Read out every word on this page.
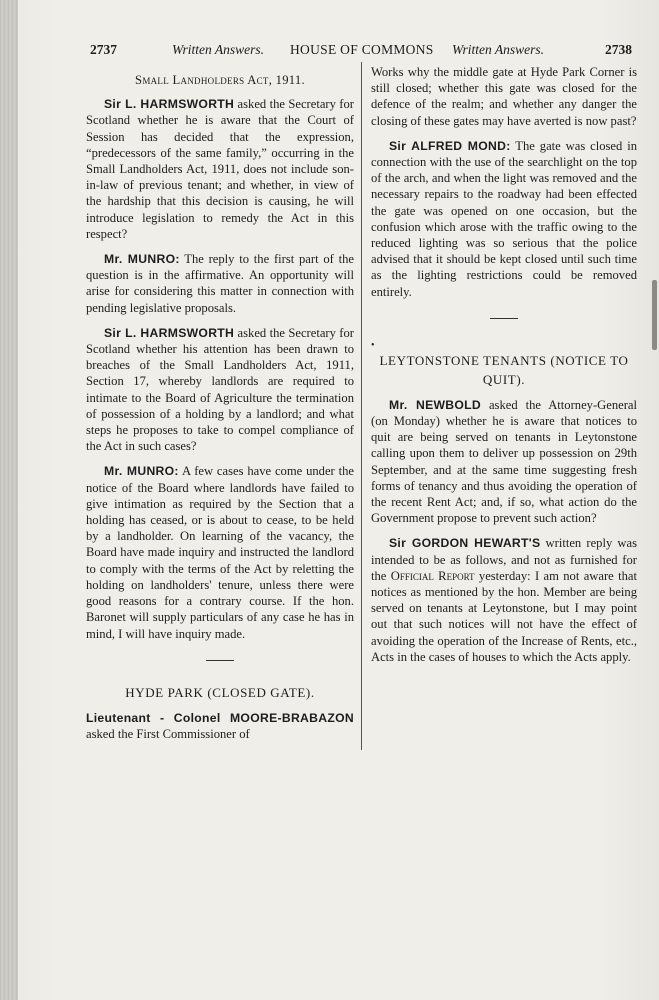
2737	Written Answers. HOUSE OF COMMONS Written Answers.	2738

Small Landholders Act, 1911.

Sir L. HARMSWORTH asked the Secretary for Scotland whether he is aware that the Court of Session has decided that the expression, “predecessors of the same family,” occurring in the Small Landholders Act, 1911, does not include son-in-law of previous tenant; and whether, in view of the hardship that this decision is causing, he will introduce legislation to remedy the Act in this respect?

Mr. MUNRO: The reply to the first part of the question is in the affirmative. An opportunity will arise for considering this matter in connection with pending legislative proposals.

Sir L. HARMSWORTH asked the Secretary for Scotland whether his attention has been drawn to breaches of the Small Landholders Act, 1911, Section 17, whereby landlords are required to intimate to the Board of Agriculture the termination of possession of a holding by a landlord; and what steps he proposes to take to compel compliance of the Act in such cases?

Mr. MUNRO: A few cases have come under the notice of the Board where landlords have failed to give intimation as required by the Section that a holding has ceased, or is about to cease, to be held by a landholder. On learning of the vacancy, the Board have made inquiry and instructed the landlord to comply with the terms of the Act by reletting the holding on landholders' tenure, unless there were good reasons for a contrary course. If the hon. Baronet will supply particulars of any case he has in mind, I will have inquiry made.

HYDE PARK (CLOSED GATE).

Lieutenant - Colonel MOORE-BRABAZON asked the First Commissioner of

Works why the middle gate at Hyde Park Corner is still closed; whether this gate was closed for the defence of the realm; and whether any danger the closing of these gates may have averted is now past?

Sir ALFRED MOND: The gate was closed in connection with the use of the searchlight on the top of the arch, and when the light was removed and the necessary repairs to the roadway had been effected the gate was opened on one occasion, but the confusion which arose with the traffic owing to the reduced lighting was so serious that the police advised that it should be kept closed until such time as the lighting restrictions could be removed entirely.

•

LEYTONSTONE TENANTS (NOTICE TO QUIT).

Mr. NEWBOLD asked the Attorney-General (on Monday) whether he is aware that notices to quit are being served on tenants in Leytonstone calling upon them to deliver up possession on 29th September, and at the same time suggesting fresh forms of tenancy and thus avoiding the operation of the recent Rent Act; and, if so, what action do the Government propose to prevent such action?

Sir GORDON HEWART'S written reply was intended to be as follows, and not as furnished for the Official Report yesterday: I am not aware that notices as mentioned by the hon. Member are being served on tenants at Leytonstone, but I may point out that such notices will not have the effect of avoiding the operation of the Increase of Rents, etc., Acts in the cases of houses to which the Acts apply.
